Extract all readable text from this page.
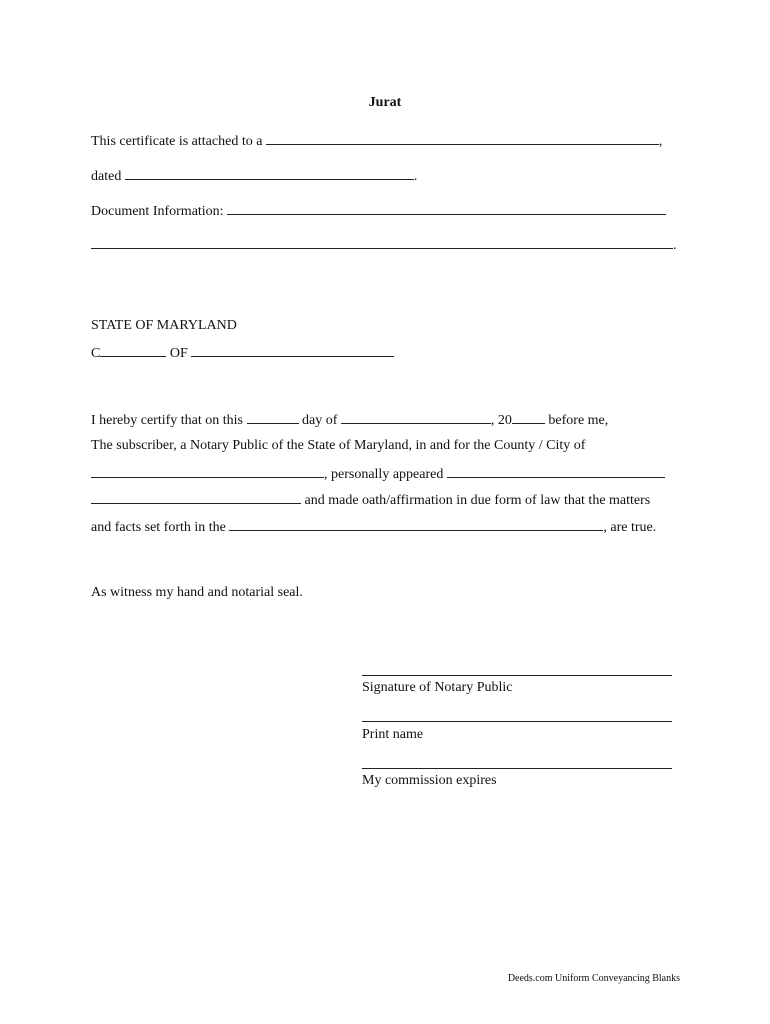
Jurat
This certificate is attached to a	,
dated	.
Document Information:
.
STATE OF MARYLAND
C	OF
I hereby certify that on this	day of	, 20	before me,
The subscriber, a Notary Public of the State of Maryland, in and for the County / City of
, personally appeared
and made oath/affirmation in due form of law that the matters
and facts set forth in the	, are true.
As witness my hand and notarial seal.
Signature of Notary Public
Print name
My commission expires
Deeds.com Uniform Conveyancing Blanks
